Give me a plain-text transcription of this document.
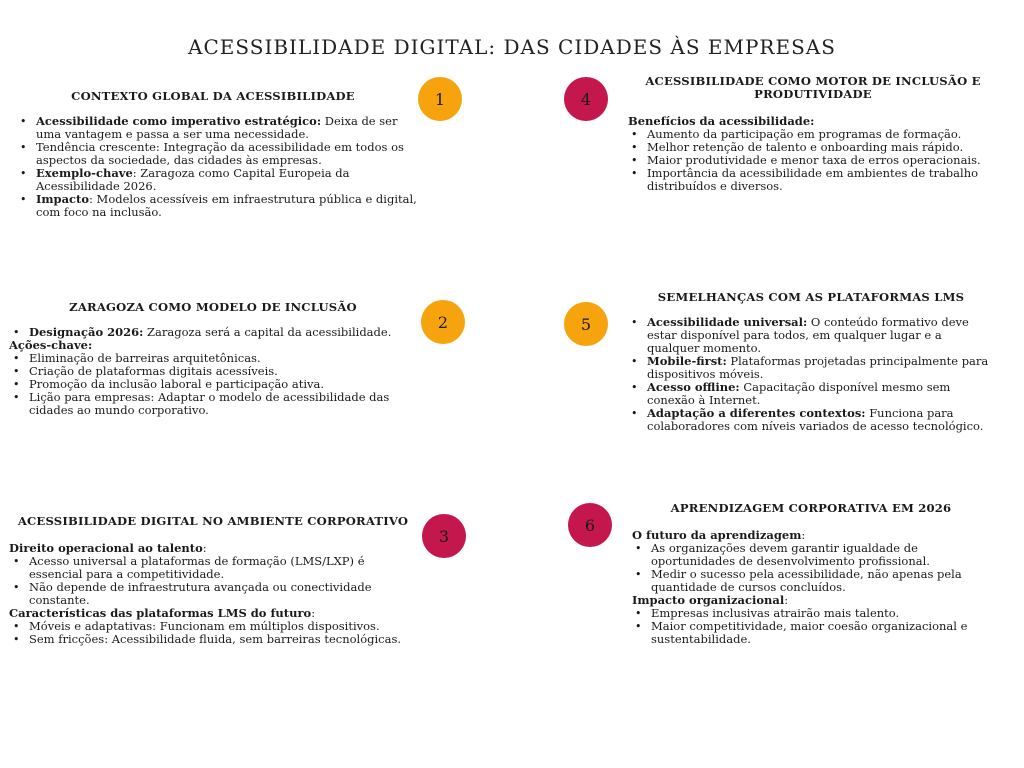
ACESSIBILIDADE DIGITAL: DAS CIDADES ÀS EMPRESAS
1
2
3
4
5
6
CONTEXTO GLOBAL DA ACESSIBILIDADE
• Acessibilidade como imperativo estratégico: Deixa de ser uma vantagem e passa a ser uma necessidade.
• Tendência crescente: Integração da acessibilidade em todos os aspectos da sociedade, das cidades às empresas.
• Exemplo-chave: Zaragoza como Capital Europeia da Acessibilidade 2026.
• Impacto: Modelos acessíveis em infraestrutura pública e digital, com foco na inclusão.
ZARAGOZA COMO MODELO DE INCLUSÃO
• Designação 2026: Zaragoza será a capital da acessibilidade.
Ações-chave:
• Eliminação de barreiras arquitetônicas.
• Criação de plataformas digitais acessíveis.
• Promoção da inclusão laboral e participação ativa.
• Lição para empresas: Adaptar o modelo de acessibilidade das cidades ao mundo corporativo.
ACESSIBILIDADE DIGITAL NO AMBIENTE CORPORATIVO
Direito operacional ao talento:
• Acesso universal a plataformas de formação (LMS/LXP) é essencial para a competitividade.
• Não depende de infraestrutura avançada ou conectividade constante.
Características das plataformas LMS do futuro:
• Móveis e adaptativas: Funcionam em múltiplos dispositivos.
• Sem fricções: Acessibilidade fluida, sem barreiras tecnológicas.
ACESSIBILIDADE COMO MOTOR DE INCLUSÃO E PRODUTIVIDADE
Benefícios da acessibilidade:
• Aumento da participação em programas de formação.
• Melhor retenção de talento e onboarding mais rápido.
• Maior produtividade e menor taxa de erros operacionais.
• Importância da acessibilidade em ambientes de trabalho distribuídos e diversos.
SEMELHANÇAS COM AS PLATAFORMAS LMS
• Acessibilidade universal: O conteúdo formativo deve estar disponível para todos, em qualquer lugar e a qualquer momento.
• Mobile-first: Plataformas projetadas principalmente para dispositivos móveis.
• Acesso offline: Capacitação disponível mesmo sem conexão à Internet.
• Adaptação a diferentes contextos: Funciona para colaboradores com níveis variados de acesso tecnológico.
APRENDIZAGEM CORPORATIVA EM 2026
O futuro da aprendizagem:
• As organizações devem garantir igualdade de oportunidades de desenvolvimento profissional.
• Medir o sucesso pela acessibilidade, não apenas pela quantidade de cursos concluídos.
Impacto organizacional:
• Empresas inclusivas atrairão mais talento.
• Maior competitividade, maior coesão organizacional e sustentabilidade.
